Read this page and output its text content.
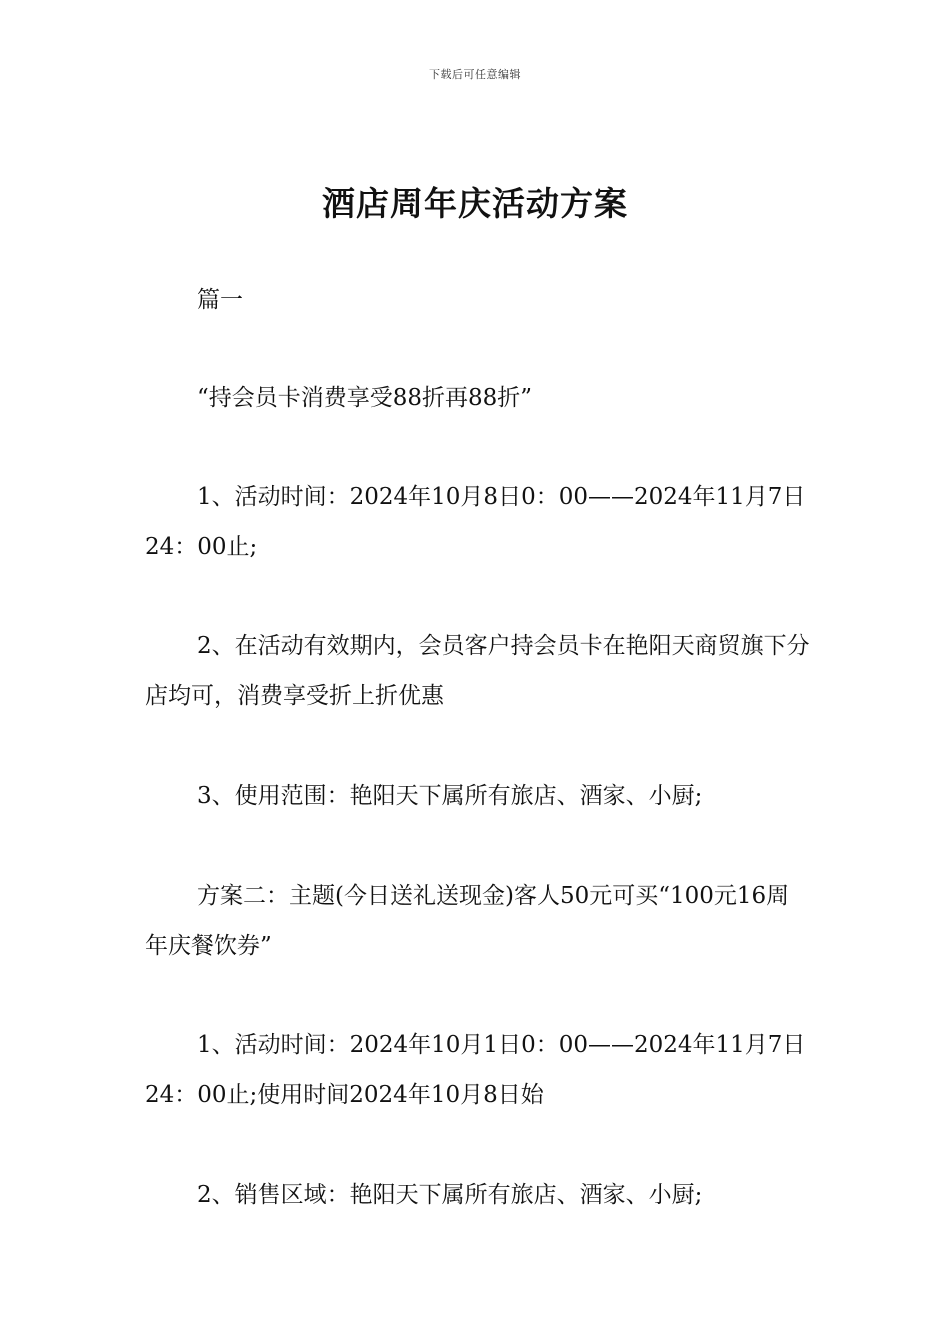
下载后可任意编辑
酒店周年庆活动方案

篇一

“持会员卡消费享受88折再88折”

1、活动时间：2024年10月8日0：00——2024年11月7日24：00止;

2、在活动有效期内，会员客户持会员卡在艳阳天商贸旗下分店均可，消费享受折上折优惠

3、使用范围：艳阳天下属所有旅店、酒家、小厨;

方案二：主题(今日送礼送现金)客人50元可买“100元16周年庆餐饮券”

1、活动时间：2024年10月1日0：00——2024年11月7日24：00止;使用时间2024年10月8日始

2、销售区域：艳阳天下属所有旅店、酒家、小厨;
